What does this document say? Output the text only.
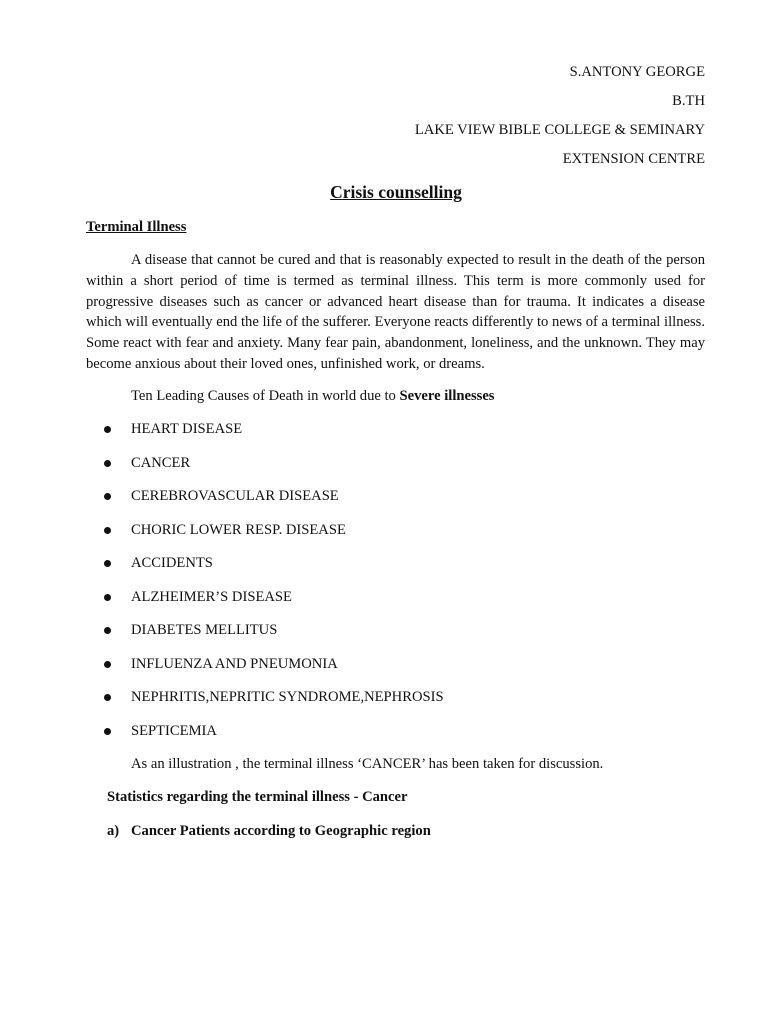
S.ANTONY GEORGE
B.TH
LAKE VIEW BIBLE COLLEGE & SEMINARY
EXTENSION CENTRE
Crisis counselling
Terminal Illness

A disease that cannot be cured and that is reasonably expected to result in the death of the person within a short period of time is termed as terminal illness. This term is more commonly used for progressive diseases such as cancer or advanced heart disease than for trauma. It indicates a disease which will eventually end the life of the sufferer. Everyone reacts differently to news of a terminal illness. Some react with fear and anxiety. Many fear pain, abandonment, loneliness, and the unknown. They may become anxious about their loved ones, unfinished work, or dreams.

Ten Leading Causes of Death in world due to Severe illnesses
HEART DISEASE
CANCER
CEREBROVASCULAR DISEASE
CHORIC LOWER RESP. DISEASE
ACCIDENTS
ALZHEIMER’S DISEASE
DIABETES MELLITUS
INFLUENZA AND PNEUMONIA
NEPHRITIS,NEPRITIC SYNDROME,NEPHROSIS
SEPTICEMIA
As an illustration , the terminal illness ‘CANCER’ has been taken for discussion.
Statistics regarding the terminal illness - Cancer
a) Cancer Patients according to Geographic region
